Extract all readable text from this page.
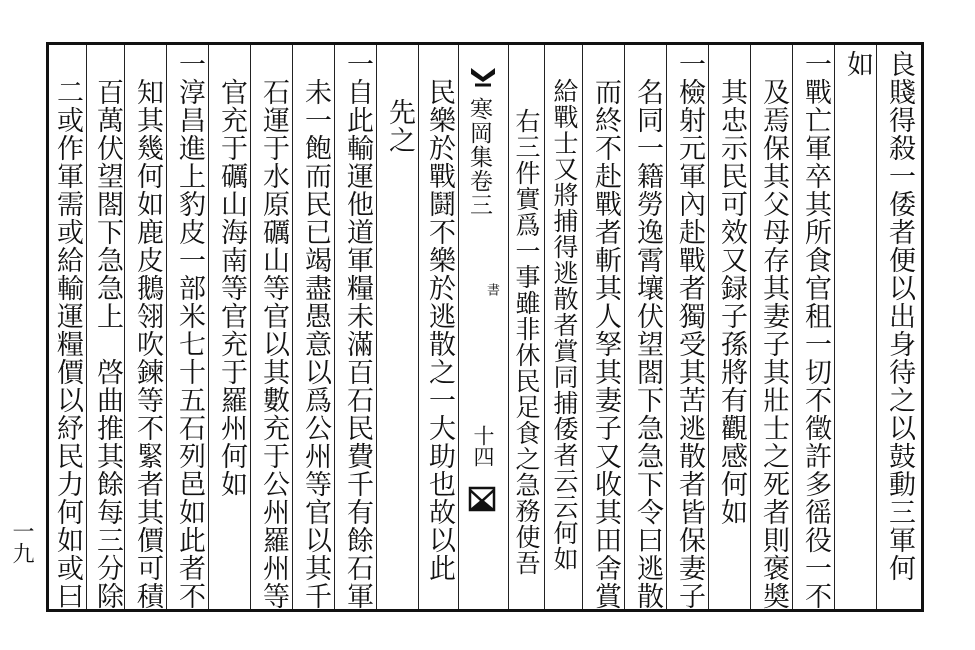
良賤得殺一倭者便以出身待之以鼓動三軍何
如
一戰亡軍卒其所食官租一切不徵許多徭役一不
及焉保其父母存其妻子其壯士之死者則褒奬
其忠示民可效又録子孫將有觀感何如
一檢射元軍內赴戰者獨受其苦逃散者皆保妻子
名同一籍勞逸霄壤伏望閤下急急下令曰逃散
而終不赴戰者斬其人孥其妻子又收其田舍賞
給戰士又將捕得逃散者賞同捕倭者云云何如
右三件實爲一事雖非休民足食之急務使吾
寒岡集卷三
書
十四
民樂於戰鬪不樂於逃散之一大助也故以此
先之
一自此輸運他道軍糧未滿百石民費千有餘石軍
未一飽而民已竭盡愚意以爲公州等官以其千
石運于水原礪山等官以其數充于公州羅州等
官充于礪山海南等官充于羅州何如
一淳昌進上豹皮一部米七十五石列邑如此者不
知其幾何如鹿皮鵝翎吹鍊等不緊者其價可積
百萬伏望閤下急急上　啓曲推其餘每三分除
二或作軍需或給輸運糧價以紓民力何如或曰
一九
